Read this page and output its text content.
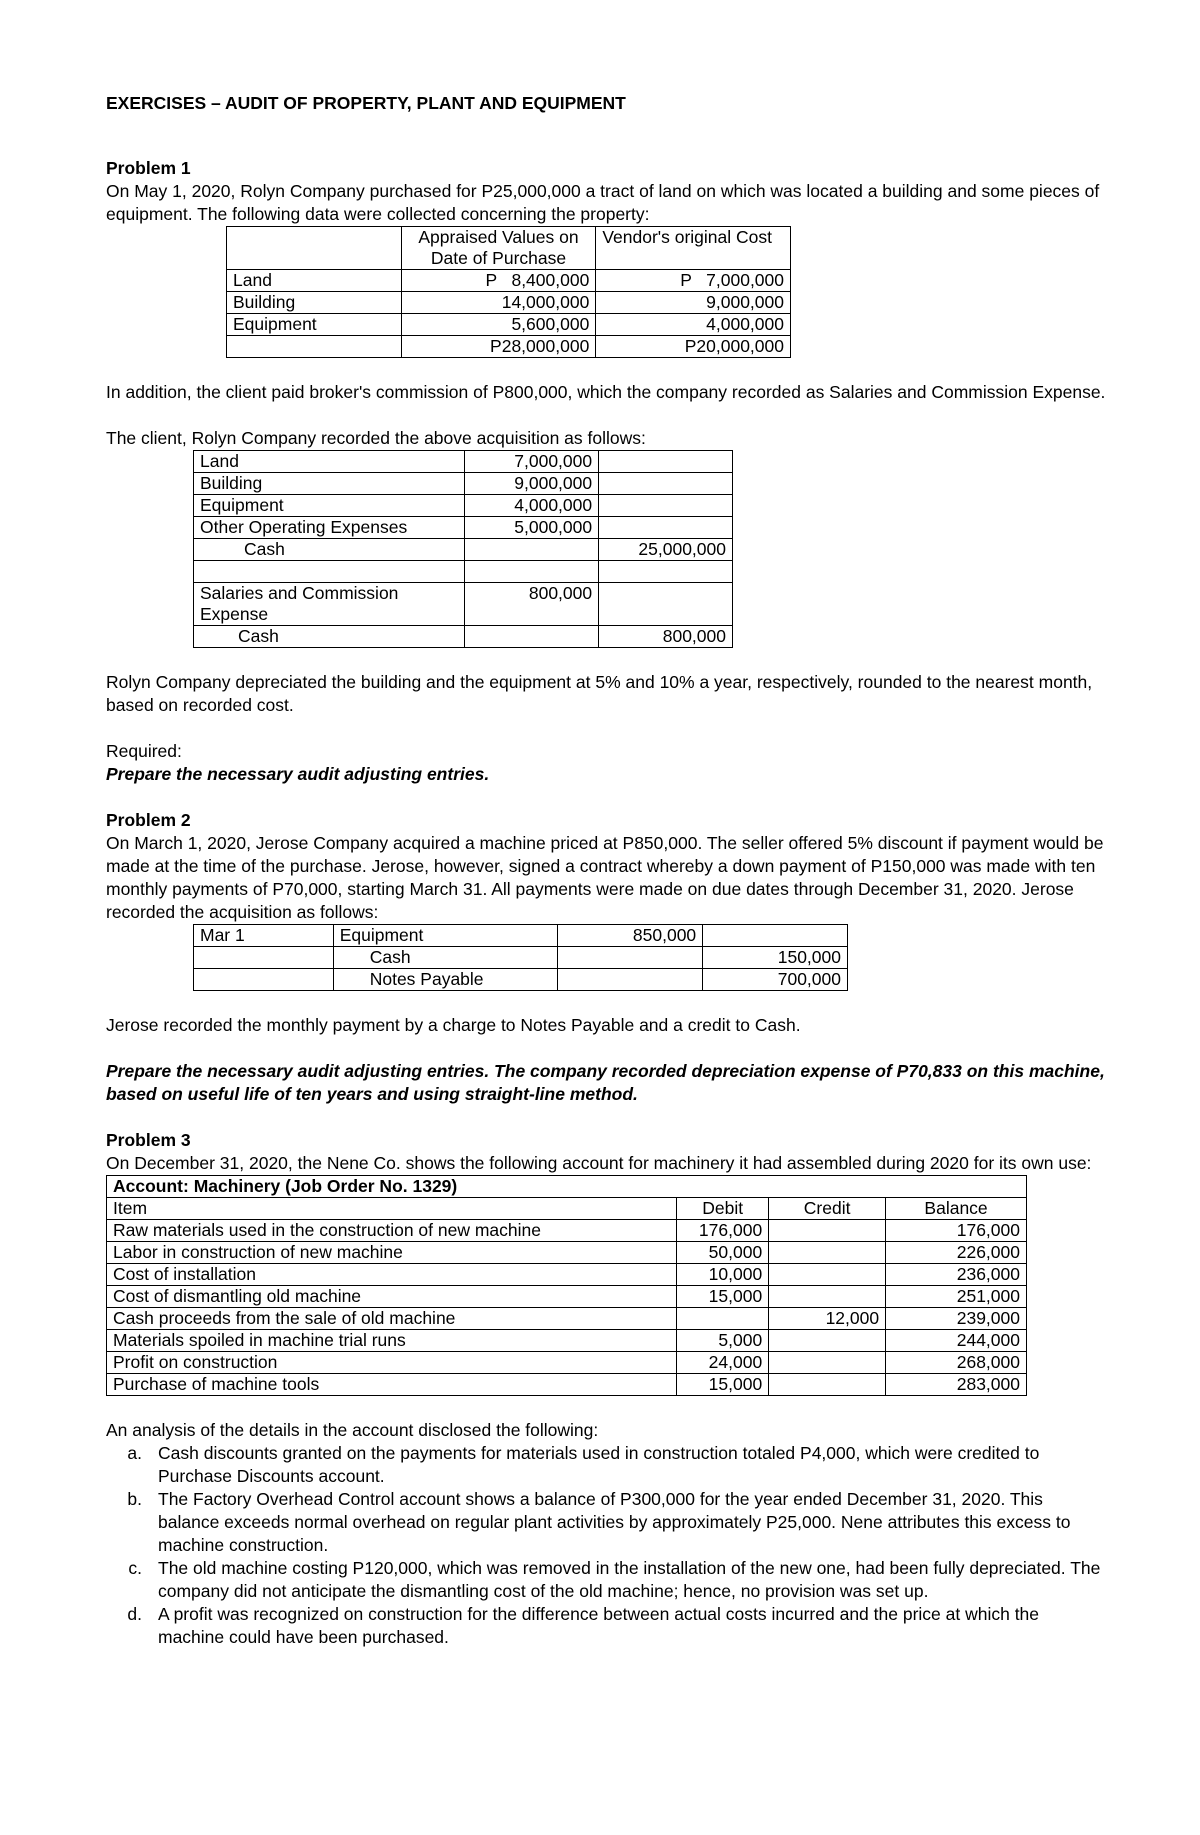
EXERCISES – AUDIT OF PROPERTY, PLANT AND EQUIPMENT

Problem 1

On May 1, 2020, Rolyn Company purchased for P25,000,000 a tract of land on which was located a building and some pieces of equipment. The following data were collected concerning the property:

	Appraised Values on Date of Purchase	Vendor's original Cost
Land	P   8,400,000	P   7,000,000
Building	14,000,000	9,000,000
Equipment	5,600,000	4,000,000
	P28,000,000	P20,000,000

In addition, the client paid broker's commission of P800,000, which the company recorded as Salaries and Commission Expense.

The client, Rolyn Company recorded the above acquisition as follows:

Land	7,000,000	
Building	9,000,000	
Equipment	4,000,000	
Other Operating Expenses	5,000,000	
Cash		25,000,000

Salaries and Commission Expense	800,000	
Cash		800,000

Rolyn Company depreciated the building and the equipment at 5% and 10% a year, respectively, rounded to the nearest month, based on recorded cost.

Required:

Prepare the necessary audit adjusting entries.

Problem 2

On March 1, 2020, Jerose Company acquired a machine priced at P850,000. The seller offered 5% discount if payment would be made at the time of the purchase. Jerose, however, signed a contract whereby a down payment of P150,000 was made with ten monthly payments of P70,000, starting March 31. All payments were made on due dates through December 31, 2020. Jerose recorded the acquisition as follows:

Mar 1	Equipment	850,000	
	Cash		150,000
	Notes Payable		700,000

Jerose recorded the monthly payment by a charge to Notes Payable and a credit to Cash.

Prepare the necessary audit adjusting entries. The company recorded depreciation expense of P70,833 on this machine, based on useful life of ten years and using straight-line method.

Problem 3

On December 31, 2020, the Nene Co. shows the following account for machinery it had assembled during 2020 for its own use:

Account: Machinery (Job Order No. 1329)			
Item	Debit	Credit	Balance
Raw materials used in the construction of new machine	176,000		176,000
Labor in construction of new machine	50,000		226,000
Cost of installation	10,000		236,000
Cost of dismantling old machine	15,000		251,000
Cash proceeds from the sale of old machine		12,000	239,000
Materials spoiled in machine trial runs	5,000		244,000
Profit on construction	24,000		268,000
Purchase of machine tools	15,000		283,000

An analysis of the details in the account disclosed the following:

a. Cash discounts granted on the payments for materials used in construction totaled P4,000, which were credited to Purchase Discounts account.
b. The Factory Overhead Control account shows a balance of P300,000 for the year ended December 31, 2020. This balance exceeds normal overhead on regular plant activities by approximately P25,000. Nene attributes this excess to machine construction.
c. The old machine costing P120,000, which was removed in the installation of the new one, had been fully depreciated. The company did not anticipate the dismantling cost of the old machine; hence, no provision was set up.
d. A profit was recognized on construction for the difference between actual costs incurred and the price at which the machine could have been purchased.
